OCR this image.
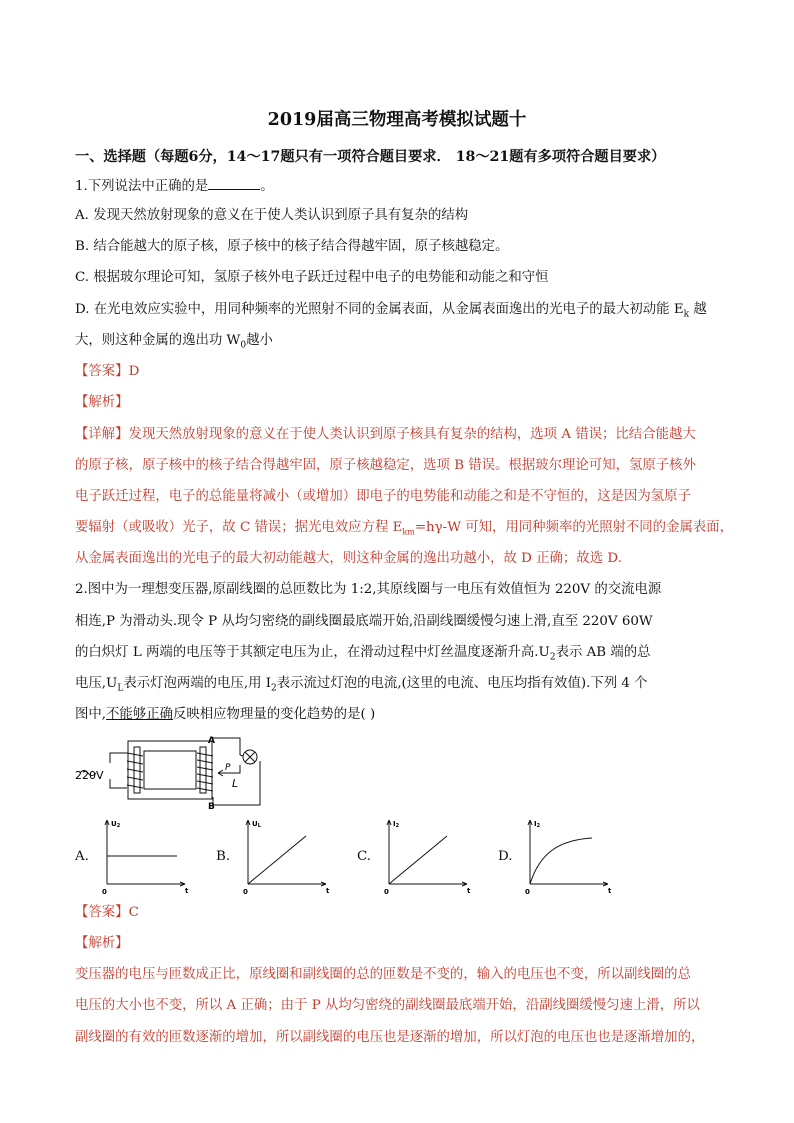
2019届高三物理高考模拟试题十
一、选择题（每题6分，14～17题只有一项符合题目要求． 18～21题有多项符合题目要求）
1.下列说法中正确的是	。
A. 发现天然放射现象的意义在于使人类认识到原子具有复杂的结构
B. 结合能越大的原子核，原子核中的核子结合得越牢固，原子核越稳定。
C. 根据玻尔理论可知，氢原子核外电子跃迁过程中电子的电势能和动能之和守恒
D. 在光电效应实验中，用同种频率的光照射不同的金属表面，从金属表面逸出的光电子的最大初动能 $E_k$ 越
大，则这种金属的逸出功 $W_0$越小
【答案】D
【解析】
【详解】发现天然放射现象的意义在于使人类认识到原子核具有复杂的结构，选项 A 错误；比结合能越大
的原子核，原子核中的核子结合得越牢固，原子核越稳定，选项 B 错误。根据玻尔理论可知，氢原子核外
电子跃迁过程，电子的总能量将减小（或增加）即电子的电势能和动能之和是不守恒的，这是因为氢原子
要辐射（或吸收）光子，故 C 错误；据光电效应方程 $E_{km}=h\gamma-W$ 可知，用同种频率的光照射不同的金属表面，
从金属表面逸出的光电子的最大初动能越大，则这种金属的逸出功越小，故 D 正确；故选 D.
2.图中为一理想变压器,原副线圈的总匝数比为 1:2,其原线圈与一电压有效值恒为 220V 的交流电源
相连,P 为滑动头.现令 P 从均匀密绕的副线圈最底端开始,沿副线圈缓慢匀速上滑,直至 220V 60W
的白炽灯 L 两端的电压等于其额定电压为止，在滑动过程中灯丝温度逐渐升高$.U_2$表示 AB 端的总
电压$,U_L$表示灯泡两端的电压,用 $I_2$表示流过灯泡的电流,(这里的电流、电压均指有效值).下列 4 个
图中,不能够正确反映相应物理量的变化趋势的是( )
220V
A
B
P
L
A.
U2
t
0
B.
UL
t
0
C.
I2
t
0
D.
I2
t
0
【答案】C
【解析】
变压器的电压与匝数成正比，原线圈和副线圈的总的匝数是不变的，输入的电压也不变，所以副线圈的总
电压的大小也不变，所以 A 正确；由于 P 从均匀密绕的副线圈最底端开始，沿副线圈缓慢匀速上滑，所以
副线圈的有效的匝数逐渐的增加，所以副线圈的电压也是逐渐的增加，所以灯泡的电压也也是逐渐增加的，
